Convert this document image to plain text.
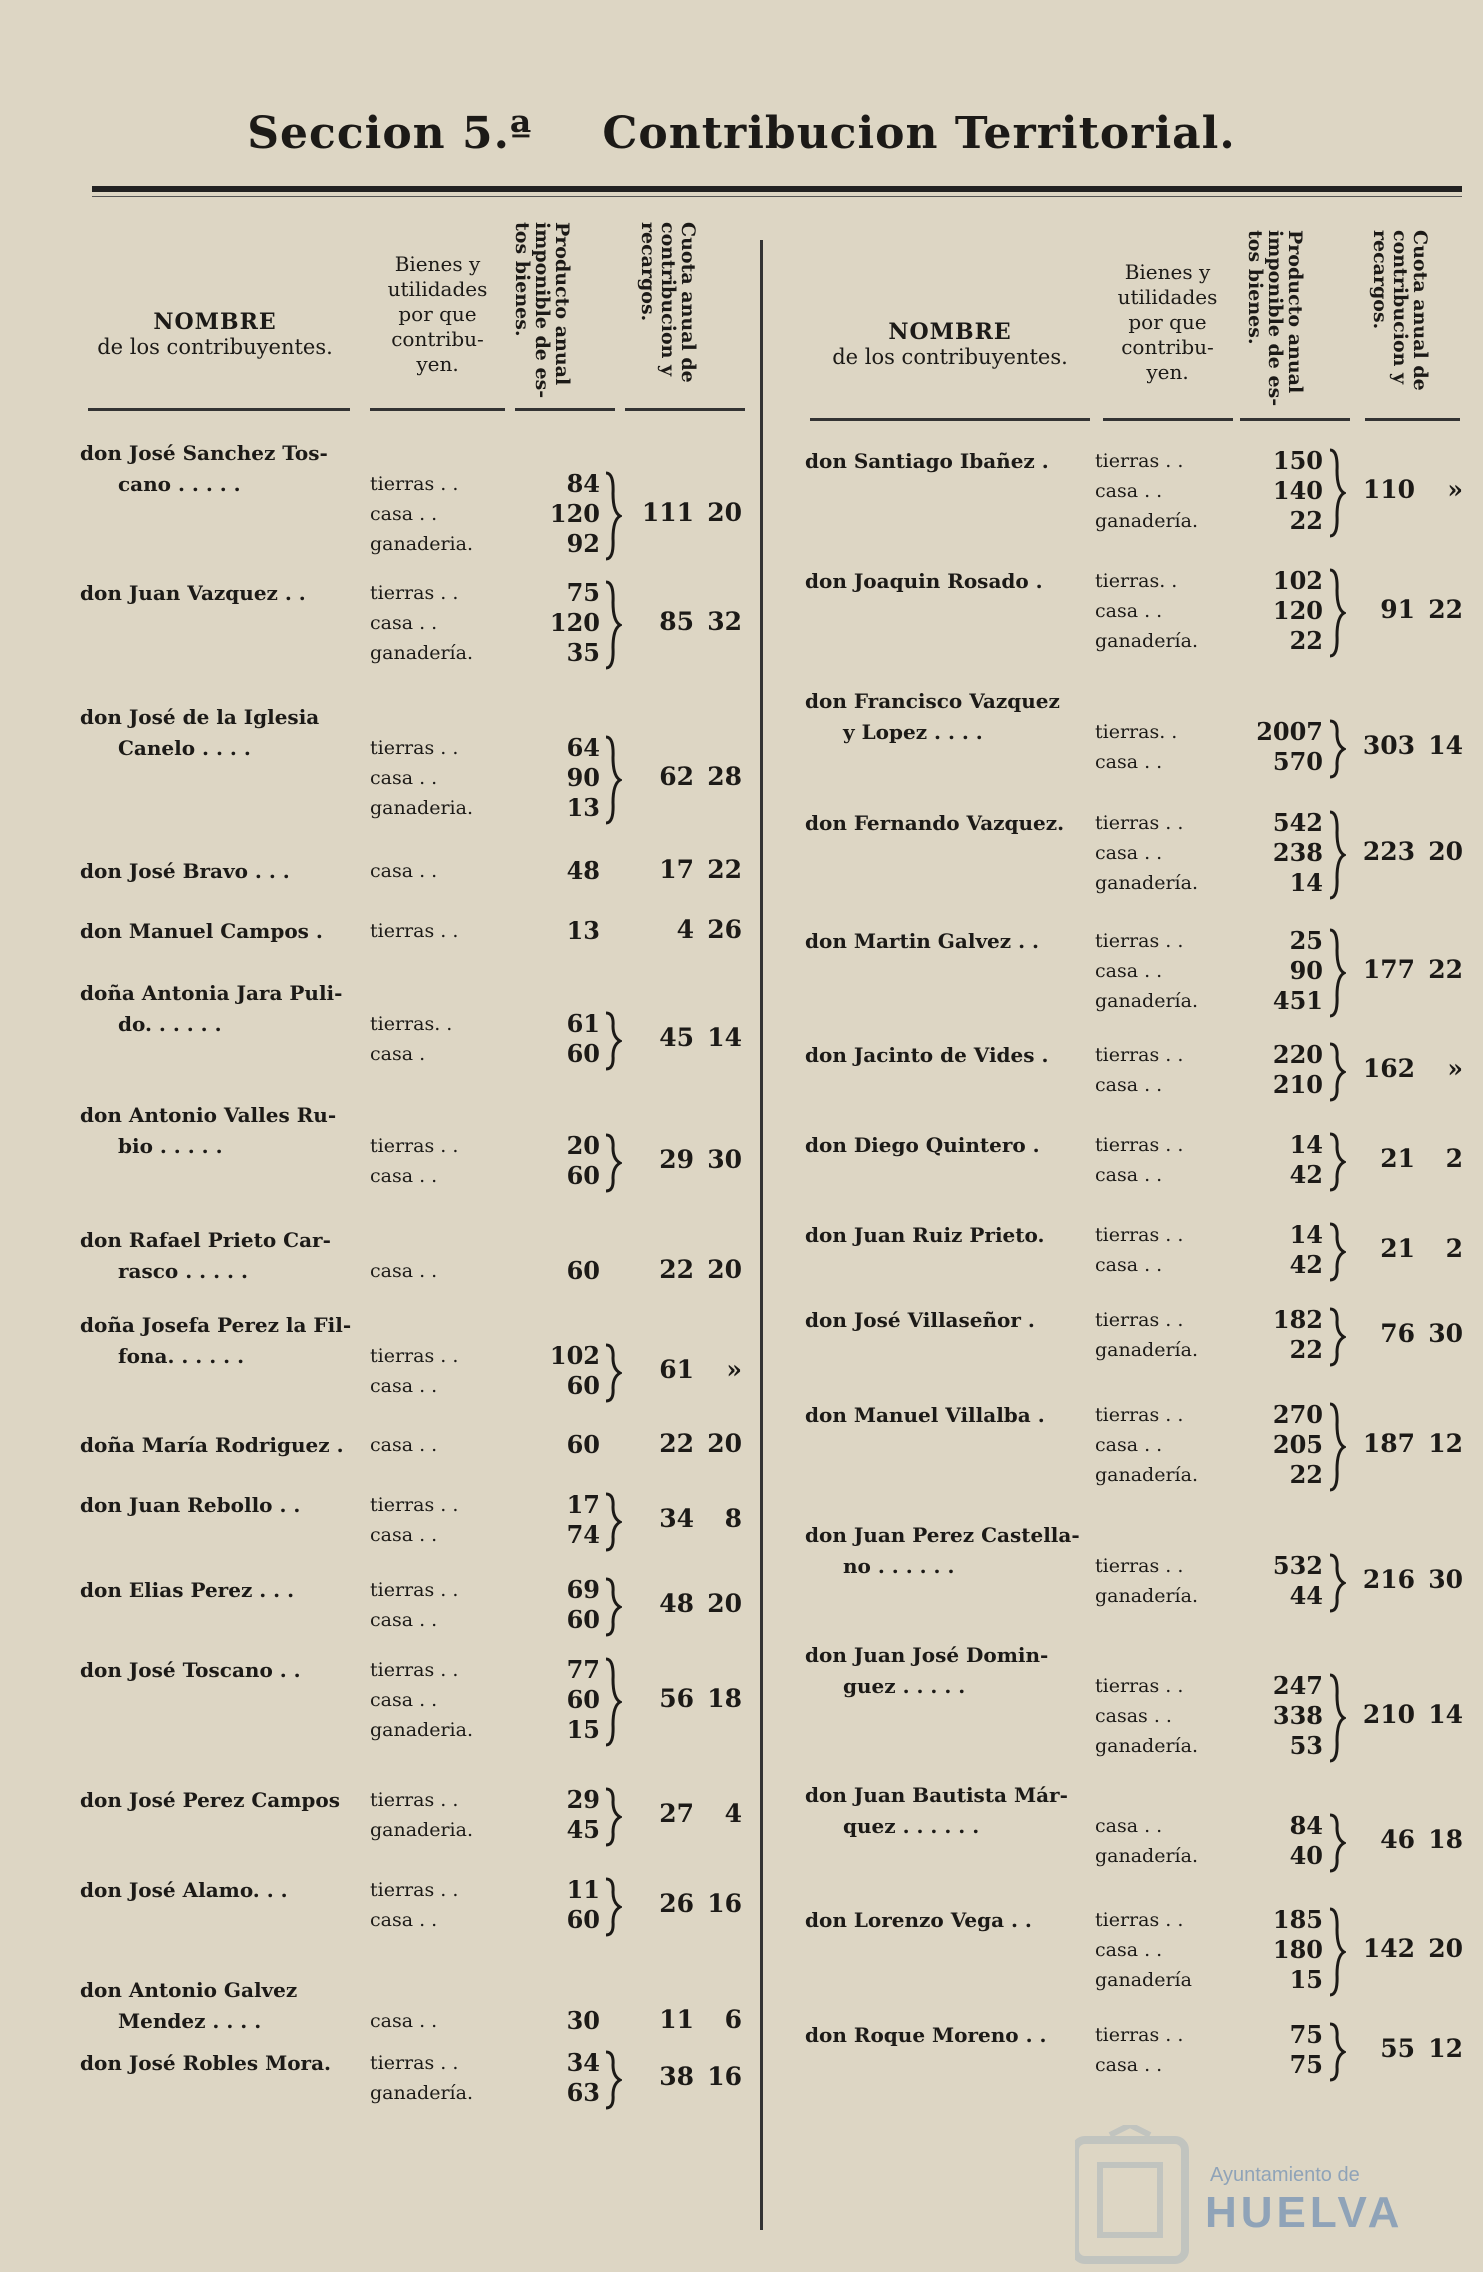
Seccion 5.ª Contribucion Territorial.
NOMBRE
de los contribuyentes.
Bienes y
utilidades
por que
contribu-
yen.	Producto anual imponible de es- tos bienes.	Cuota anual de contribucion y recargos.
NOMBRE
de los contribuyentes.
Bienes y
utilidades
por que
contribu-
yen.	Producto anual imponible de es- tos bienes.	Cuota anual de contribucion y recargos.
don José Sanchez Tos-
cano . . . . .	tierras . .	84
casa . .	120
ganaderia.	92
111 20
don Juan Vazquez . .	tierras . .	75
casa . .	120
ganadería.	35
85 32
don José de la Iglesia
Canelo . . . .	tierras . .	64
casa . .	90
ganaderia.	13
62 28
don José Bravo . . .	casa . .	48	17 22
don Manuel Campos . tierras . .	13	4 26
doña Antonia Jara Puli-
do. . . . . .	tierras. .	61
casa .	60
45 14
don Antonio Valles Ru-
bio . . . . .	tierras . .	20
casa . .	60
29 30
don Rafael Prieto Car-
rasco . . . . .	casa . .	60	22 20
doña Josefa Perez la Fil-
fona. . . . . .	tierras . .	102
casa . .	60
61 »
doña María Rodriguez . casa . .	60	22 20
don Juan Rebollo . .	tierras . .	17
casa . .	74
34 8
don Elias Perez . . .	tierras . .	69
casa . .	60
48 20
don José Toscano . .	tierras . .	77
casa . .	60
ganaderia.	15
56 18
don José Perez Campos tierras . .	29
ganaderia.	45
27 4
don José Alamo. . .	tierras . .	11
casa . .	60
26 16
don Antonio Galvez
Mendez . . . .	casa . .	30	11 6
don José Robles Mora. tierras . .	34
ganadería.	63
38 16
don Santiago Ibañez . tierras . .	150
casa . .	140
ganadería.	22
110 »
don Joaquin Rosado .	tierras. .	102
casa . .	120
ganadería.	22
91 22
don Francisco Vazquez
y Lopez . . . .	tierras. .	2007
casa . .	570
303 14
don Fernando Vazquez. tierras . .	542
casa . .	238
ganadería.	14
223 20
don Martin Galvez . .	tierras . .	25
casa . .	90
ganadería.	451
177 22
don Jacinto de Vides . tierras . .	220
casa . .	210
162 »
don Diego Quintero .	tierras . .	14
casa . .	42
21 2
don Juan Ruiz Prieto.	tierras . .	14
casa . .	42
21 2
don José Villaseñor .	tierras . .	182
ganadería.	22
76 30
don Manuel Villalba .	tierras . .	270
casa . .	205
ganadería.	22
187 12
don Juan Perez Castella-
no . . . . . .	tierras . .	532
ganadería.	44
216 30
don Juan José Domin-
guez . . . . .	tierras . .	247
casas . .	338
ganadería.	53
210 14
don Juan Bautista Már-
quez . . . . . .	casa . .	84
ganadería.	40
46 18
don Lorenzo Vega . .	tierras . .	185
casa . .	180
ganadería	15
142 20
don Roque Moreno . .	tierras . .	75
casa . .	75
55 12
Ayuntamiento de
HUELVA
